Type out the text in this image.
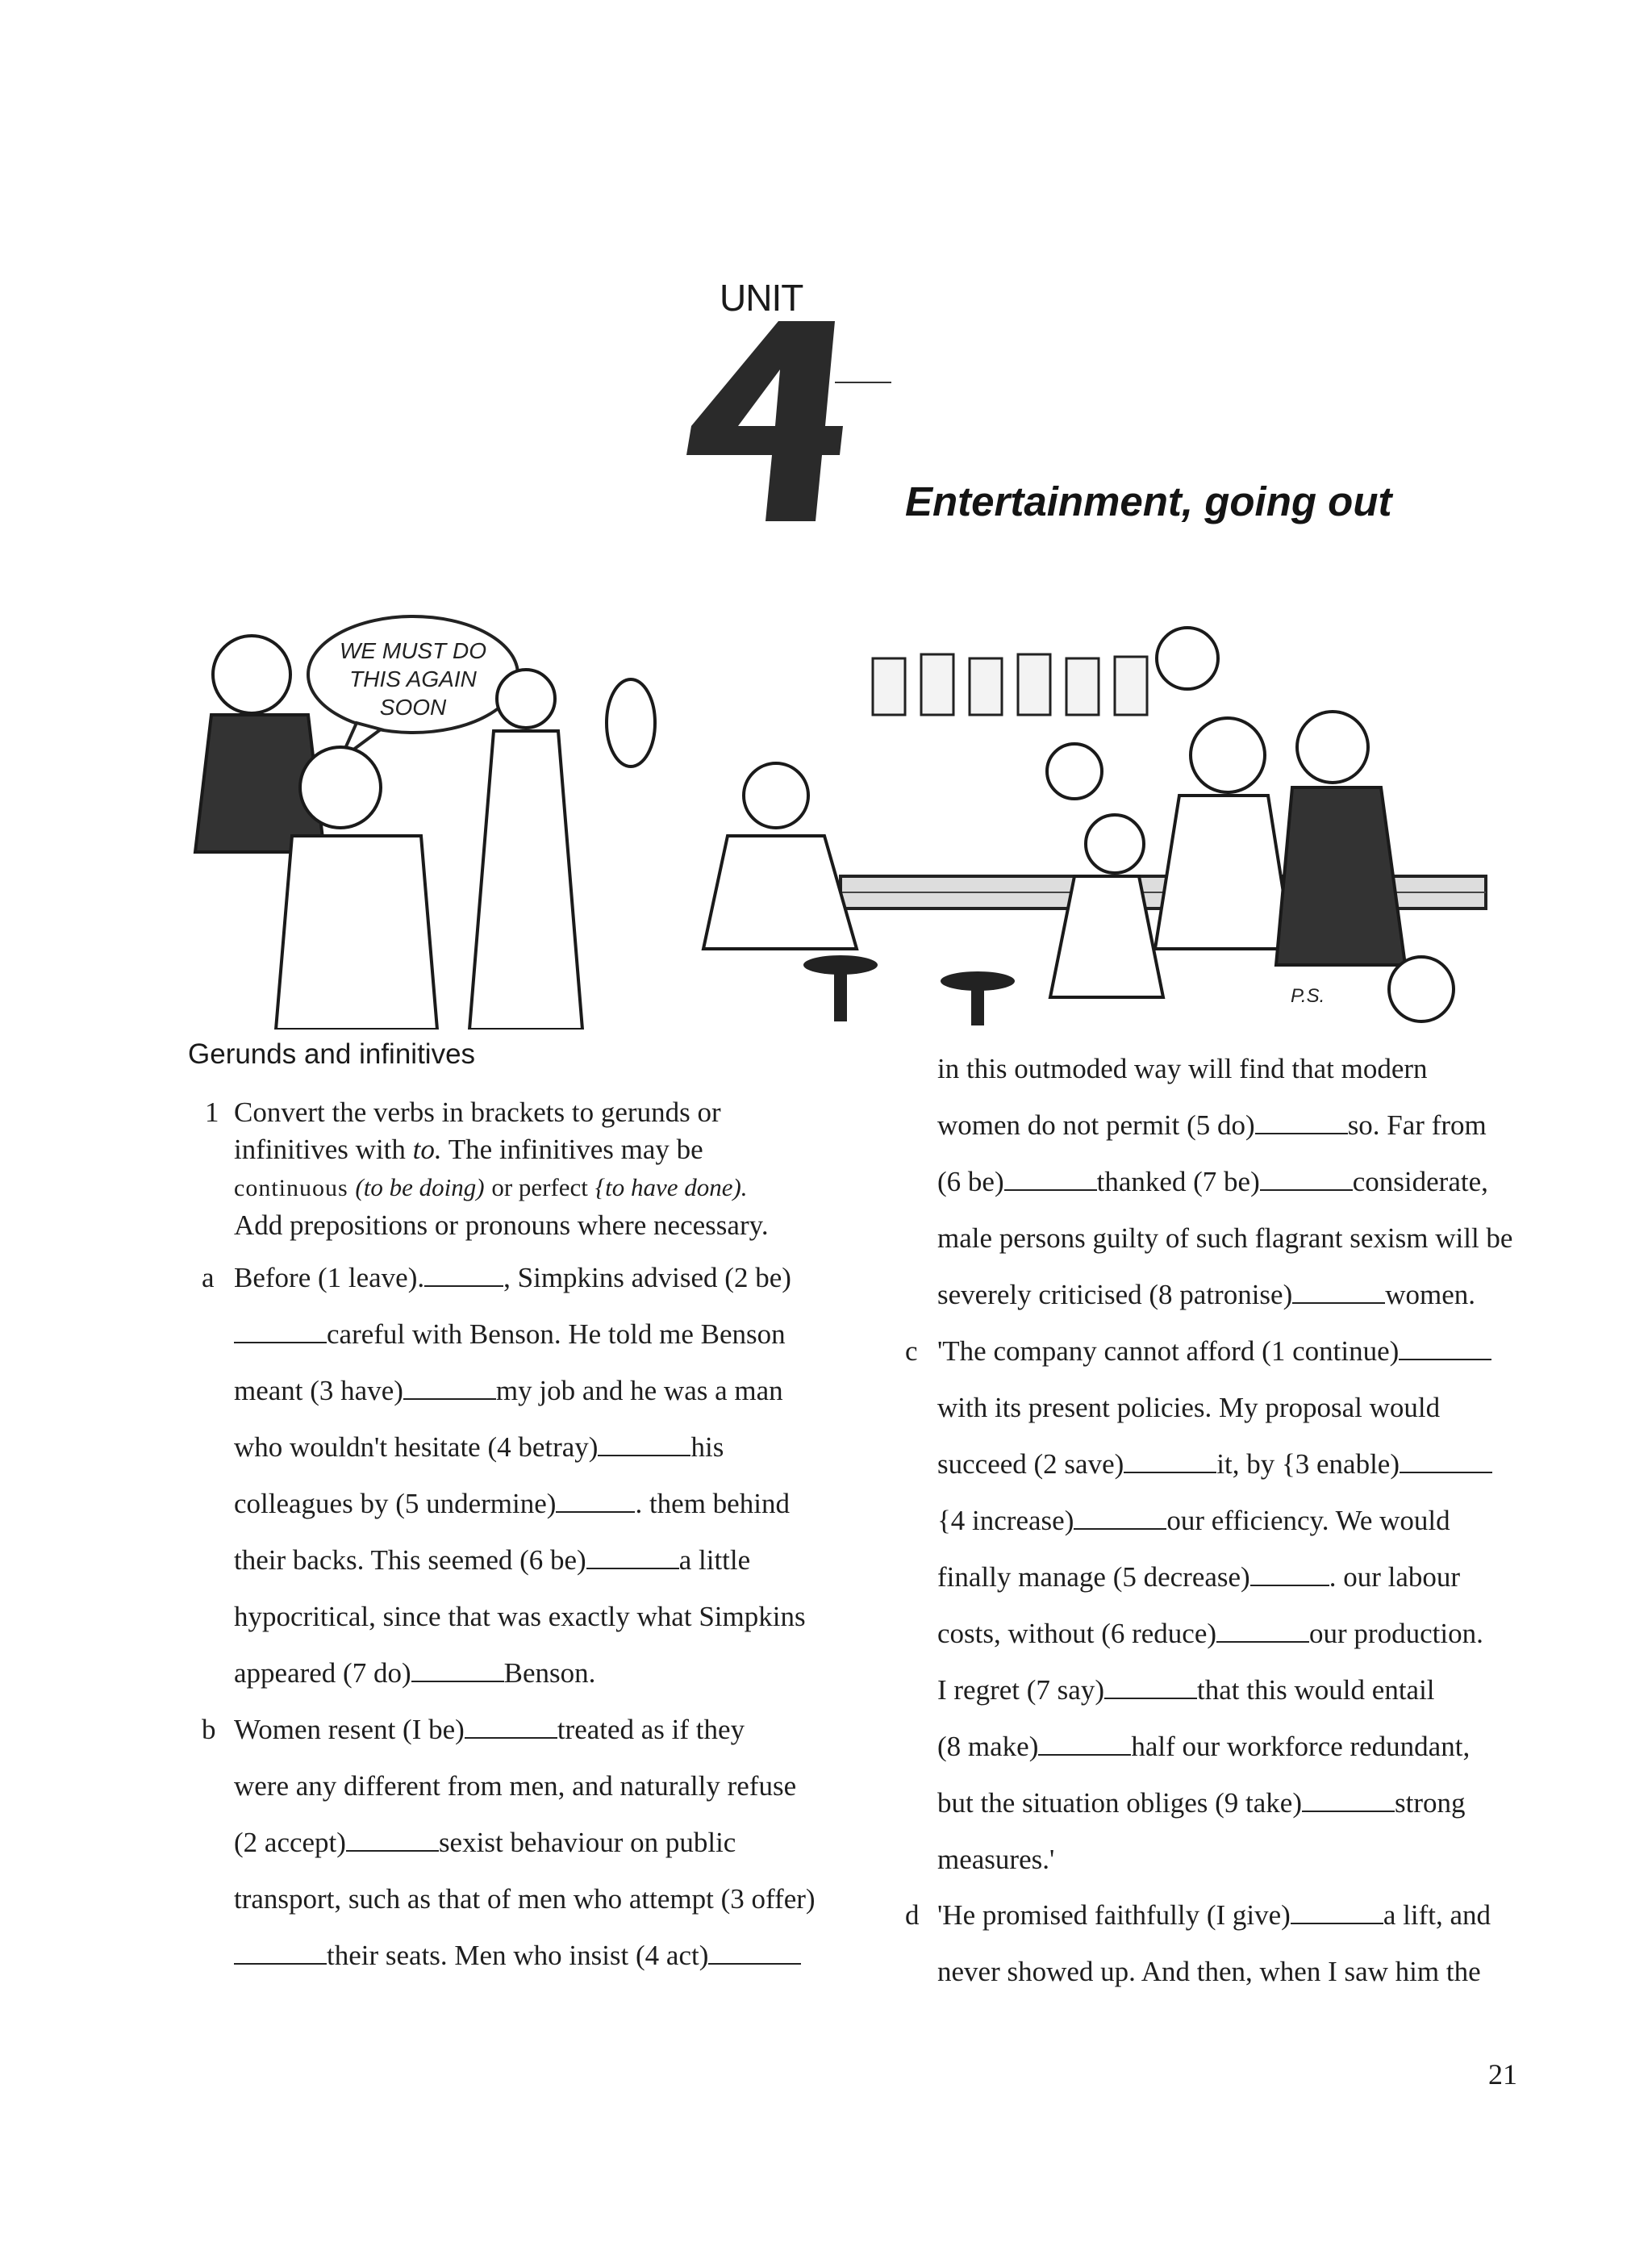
UNIT
4
Entertainment, going out
WE MUST DO
THIS AGAIN
SOON
P.S.
Gerunds and infinitives
1 Convert the verbs in brackets to gerunds or
infinitives with to. The infinitives may be
continuous (to be doing) or perfect {to have done).
Add prepositions or pronouns where necessary.
a Before (1 leave).	, Simpkins advised (2 be)

careful with Benson. He told me Benson

meant (3 have)	my job and he was a man

who wouldn't hesitate (4 betray)	his

colleagues by (5 undermine)	. them behind

their backs. This seemed (6 be)	a little

hypocritical, since that was exactly what Simpkins

appeared (7 do)	Benson.

b Women resent (I be)	treated as if they

were any different from men, and naturally refuse

(2 accept)	sexist behaviour on public

transport, such as that of men who attempt (3 offer)

their seats. Men who insist (4 act)

in this outmoded way will find that modern

women do not permit (5 do)	so. Far from

(6 be)	thanked (7 be)	considerate,

male persons guilty of such flagrant sexism will be

severely criticised (8 patronise)	women.

c 'The company cannot afford (1 continue)

with its present policies. My proposal would

succeed (2 save)	it, by {3 enable)

{4 increase)	our efficiency. We would

finally manage (5 decrease)	. our labour

costs, without (6 reduce)	our production.

I regret (7 say)	that this would entail

(8 make)	half our workforce redundant,

but the situation obliges (9 take)	strong

measures.'

d 'He promised faithfully (I give)	a lift, and

never showed up. And then, when I saw him the

21
